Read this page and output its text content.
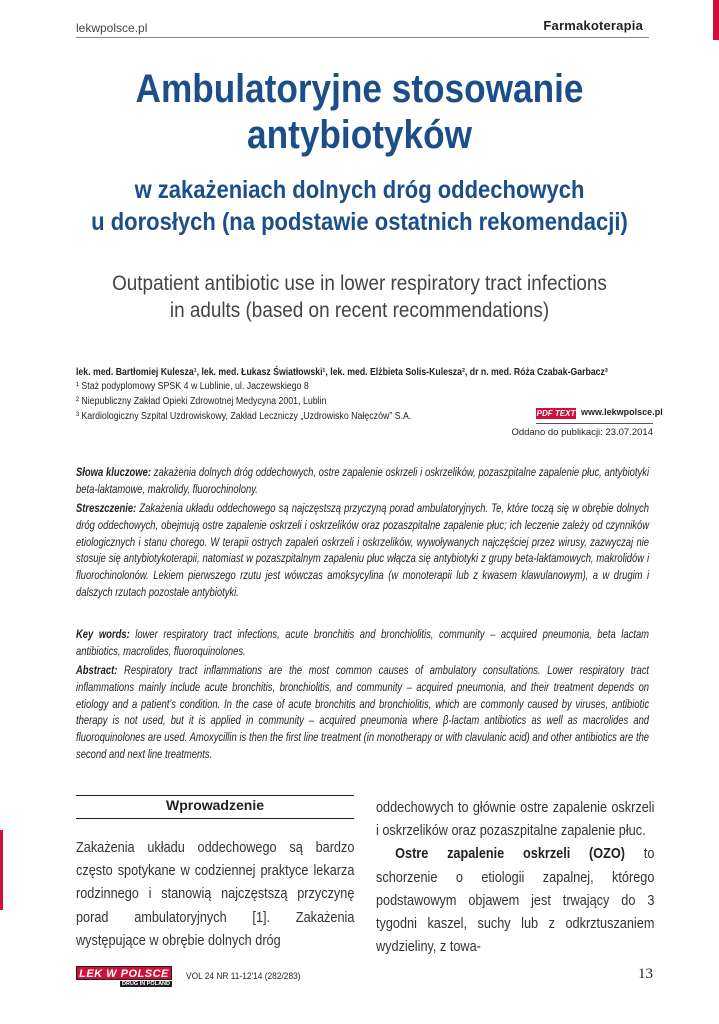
lekwpolsce.pl	Farmakoterapia
Ambulatoryjne stosowanie
antybiotyków
w zakażeniach dolnych dróg oddechowych
u dorosłych (na podstawie ostatnich rekomendacji)
Outpatient antibiotic use in lower respiratory tract infections
in adults (based on recent recommendations)
lek. med. Bartłomiej Kulesza¹, lek. med. Łukasz Światłowski¹, lek. med. Elżbieta Solis-Kulesza², dr n. med. Róża Czabak-Garbacz³
¹ Staż podyplomowy SPSK 4 w Lublinie, ul. Jaczewskiego 8
² Niepubliczny Zakład Opieki Zdrowotnej Medycyna 2001, Lublin
³ Kardiologiczny Szpital Uzdrowiskowy, Zakład Leczniczy „Uzdrowisko Nałęczów” S.A.	PDF TEXT www.lekwpolsce.pl
Oddano do publikacji: 23.07.2014
Słowa kluczowe: zakażenia dolnych dróg oddechowych, ostre zapalenie oskrzeli i oskrzelików, pozaszpitalne zapalenie płuc, antybiotyki beta-laktamowe, makrolidy, fluorochinolony.
Streszczenie: Zakażenia układu oddechowego są najczęstszą przyczyną porad ambulatoryjnych. Te, które toczą się w obrębie dolnych dróg oddechowych, obejmują ostre zapalenie oskrzeli i oskrzelików oraz pozaszpitalne zapalenie płuc; ich leczenie zależy od czynników etiologicznych i stanu chorego. W terapii ostrych zapaleń oskrzeli i oskrzelików, wywoływanych najczęściej przez wirusy, zazwyczaj nie stosuje się antybiotykoterapii, natomiast w pozaszpitalnym zapaleniu płuc włącza się antybiotyki z grupy beta-laktamowych, makrolidów i fluorochinolonów. Lekiem pierwszego rzutu jest wówczas amoksycylina (w monoterapii lub z kwasem klawulanowym), a w drugim i dalszych rzutach pozostałe antybiotyki.
Key words: lower respiratory tract infections, acute bronchitis and bronchiolitis, community – acquired pneumonia, beta lactam antibiotics, macrolides, fluoroquinolones.
Abstract: Respiratory tract inflammations are the most common causes of ambulatory consultations. Lower respiratory tract inflammations mainly include acute bronchitis, bronchiolitis, and community – acquired pneumonia, and their treatment depends on etiology and a patient’s condition. In the case of acute bronchitis and bronchiolitis, which are commonly caused by viruses, antibiotic therapy is not used, but it is applied in community – acquired pneumonia where β-lactam antibiotics as well as macrolides and fluoroquinolones are used. Amoxycillin is then the first line treatment (in monotherapy or with clavulanic acid) and other antibiotics are the second and next line treatments.
Wprowadzenie
Zakażenia układu oddechowego są bardzo często spotykane w codziennej praktyce lekarza rodzinnego i stanowią najczęstszą przyczynę porad ambulatoryjnych [1]. Zakażenia występujące w obrębie dolnych dróg
oddechowych to głównie ostre zapalenie oskrzeli i oskrzelików oraz pozaszpitalne zapalenie płuc.
Ostre zapalenie oskrzeli (OZO) to schorzenie o etiologii zapalnej, którego podstawowym objawem jest trwający do 3 tygodni kaszel, suchy lub z odkrztuszaniem wydzieliny, z towa-
LEK W POLSCE
DRUG IN POLAND
VOL 24 NR 11-12'14 (282/283)	13
